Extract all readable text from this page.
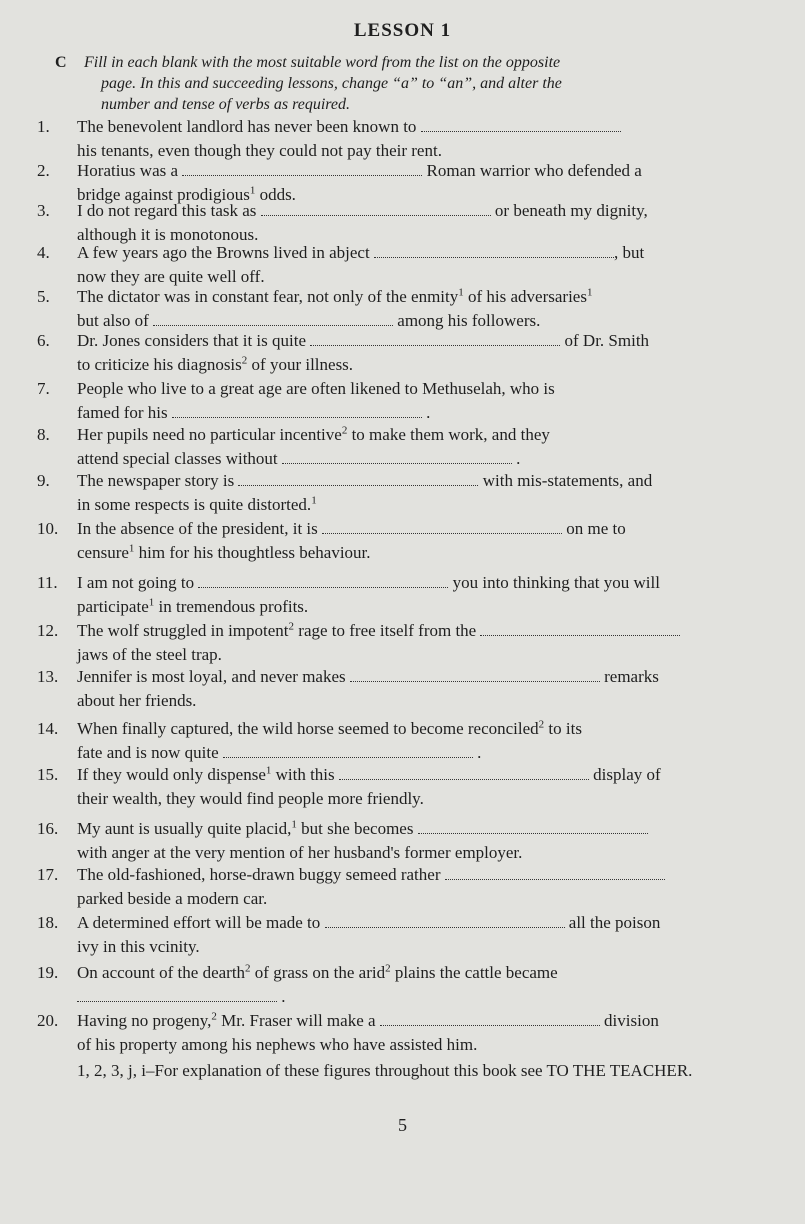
LESSON 1
C Fill in each blank with the most suitable word from the list on the opposite
page. In this and succeeding lessons, change “a” to “an”, and alter the
number and tense of verbs as required.
1. The benevolent landlord has never been known to
his tenants, even though they could not pay their rent.
2. Horatius was a	Roman warrior who defended a
bridge against prodigious$^1$ odds.
3. I do not regard this task as	or beneath my dignity,
although it is monotonous.
4. A few years ago the Browns lived in abject	, but
now they are quite well off.
5. The dictator was in constant fear, not only of the enmity$^1$ of his adversaries$^1$
but also of	among his followers.
6. Dr. Jones considers that it is quite	of Dr. Smith
to criticize his diagnosis$^2$ of your illness.
7. People who live to a great age are often likened to Methuselah, who is
famed for his	.
8. Her pupils need no particular incentive$^2$ to make them work, and they
attend special classes without	.
9. The newspaper story is	with mis-statements, and
in some respects is quite distorted.$^1$
10. In the absence of the president, it is	on me to
censure$^1$ him for his thoughtless behaviour.
11. I am not going to	you into thinking that you will
participate$^1$ in tremendous profits.
12. The wolf struggled in impotent$^2$ rage to free itself from the
jaws of the steel trap.
13. Jennifer is most loyal, and never makes	remarks
about her friends.
14. When finally captured, the wild horse seemed to become reconciled$^2$ to its
fate and is now quite	.
15. If they would only dispense$^1$ with this	display of
their wealth, they would find people more friendly.
16. My aunt is usually quite placid,$^1$ but she becomes
with anger at the very mention of her husband's former employer.
17. The old-fashioned, horse-drawn buggy semeed rather
parked beside a modern car.
18. A determined effort will be made to	all the poison
ivy in this vcinity.
19. On account of the dearth$^2$ of grass on the arid$^2$ plains the cattle became
.
20. Having no progeny,$^2$ Mr. Fraser will make a	division
of his property among his nephews who have assisted him.
1, 2, 3, j, i–For explanation of these figures throughout this book see TO THE TEACHER.
5
